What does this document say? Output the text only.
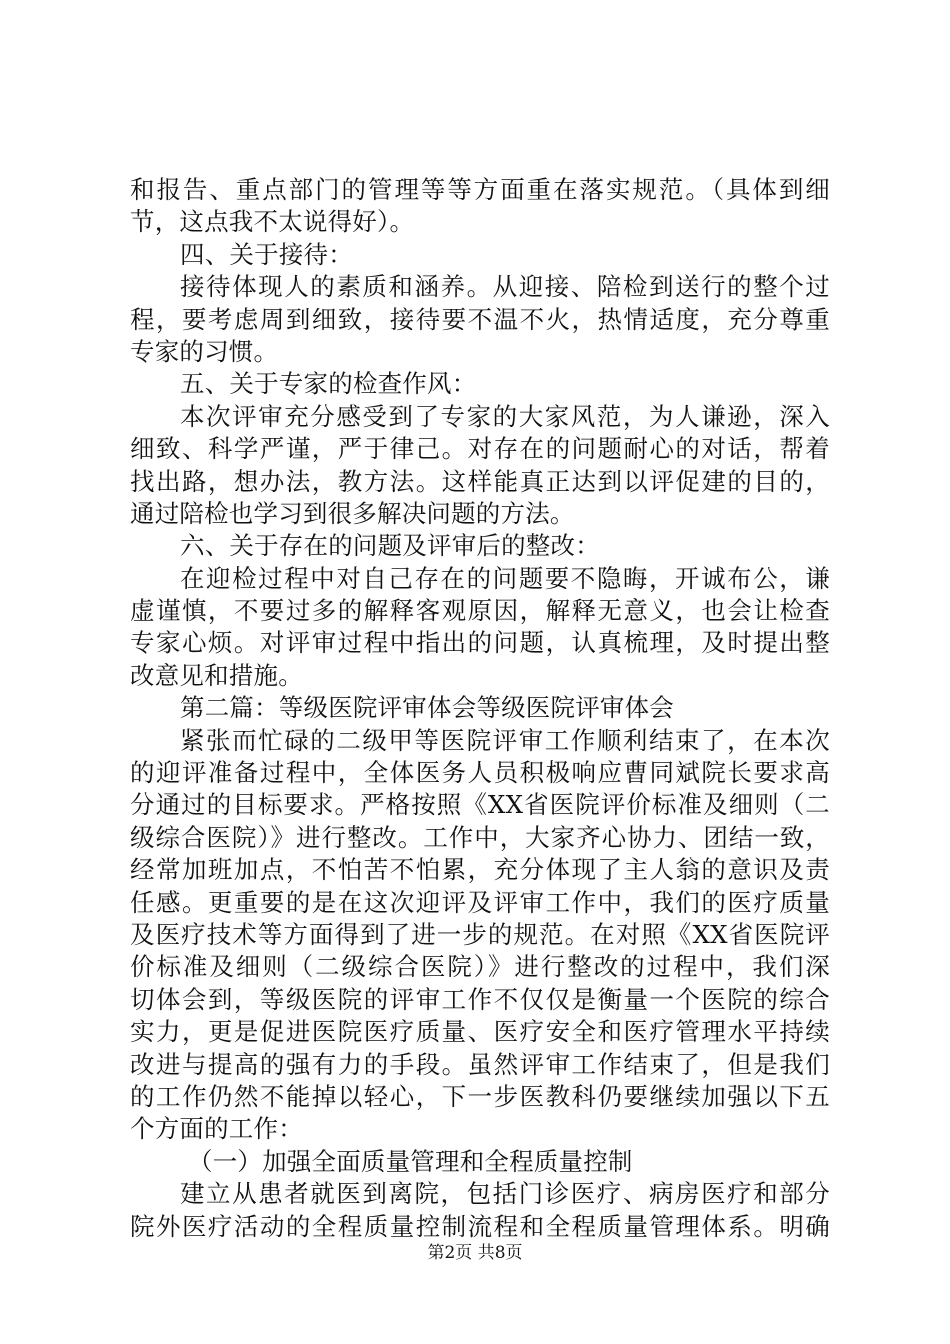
和报告、重点部门的管理等等方面重在落实规范。（具体到细
节，这点我不太说得好）。
四、关于接待：
接待体现人的素质和涵养。从迎接、陪检到送行的整个过
程，要考虑周到细致，接待要不温不火，热情适度，充分尊重
专家的习惯。
五、关于专家的检查作风：
本次评审充分感受到了专家的大家风范，为人谦逊，深入
细致、科学严谨，严于律己。对存在的问题耐心的对话，帮着
找出路，想办法，教方法。这样能真正达到以评促建的目的，
通过陪检也学习到很多解决问题的方法。
六、关于存在的问题及评审后的整改：
在迎检过程中对自己存在的问题要不隐晦，开诚布公，谦
虚谨慎，不要过多的解释客观原因，解释无意义，也会让检查
专家心烦。对评审过程中指出的问题，认真梳理，及时提出整
改意见和措施。
第二篇：等级医院评审体会等级医院评审体会
紧张而忙碌的二级甲等医院评审工作顺利结束了，在本次
的迎评准备过程中，全体医务人员积极响应曹同斌院长要求高
分通过的目标要求。严格按照《XX省医院评价标准及细则（二
级综合医院）》进行整改。工作中，大家齐心协力、团结一致，
经常加班加点，不怕苦不怕累，充分体现了主人翁的意识及责
任感。更重要的是在这次迎评及评审工作中，我们的医疗质量
及医疗技术等方面得到了进一步的规范。在对照《XX省医院评
价标准及细则（二级综合医院）》进行整改的过程中，我们深
切体会到，等级医院的评审工作不仅仅是衡量一个医院的综合
实力，更是促进医院医疗质量、医疗安全和医疗管理水平持续
改进与提高的强有力的手段。虽然评审工作结束了，但是我们
的工作仍然不能掉以轻心，下一步医教科仍要继续加强以下五
个方面的工作：
（一）加强全面质量管理和全程质量控制
建立从患者就医到离院，包括门诊医疗、病房医疗和部分
院外医疗活动的全程质量控制流程和全程质量管理体系。明确
第2页 共8页
